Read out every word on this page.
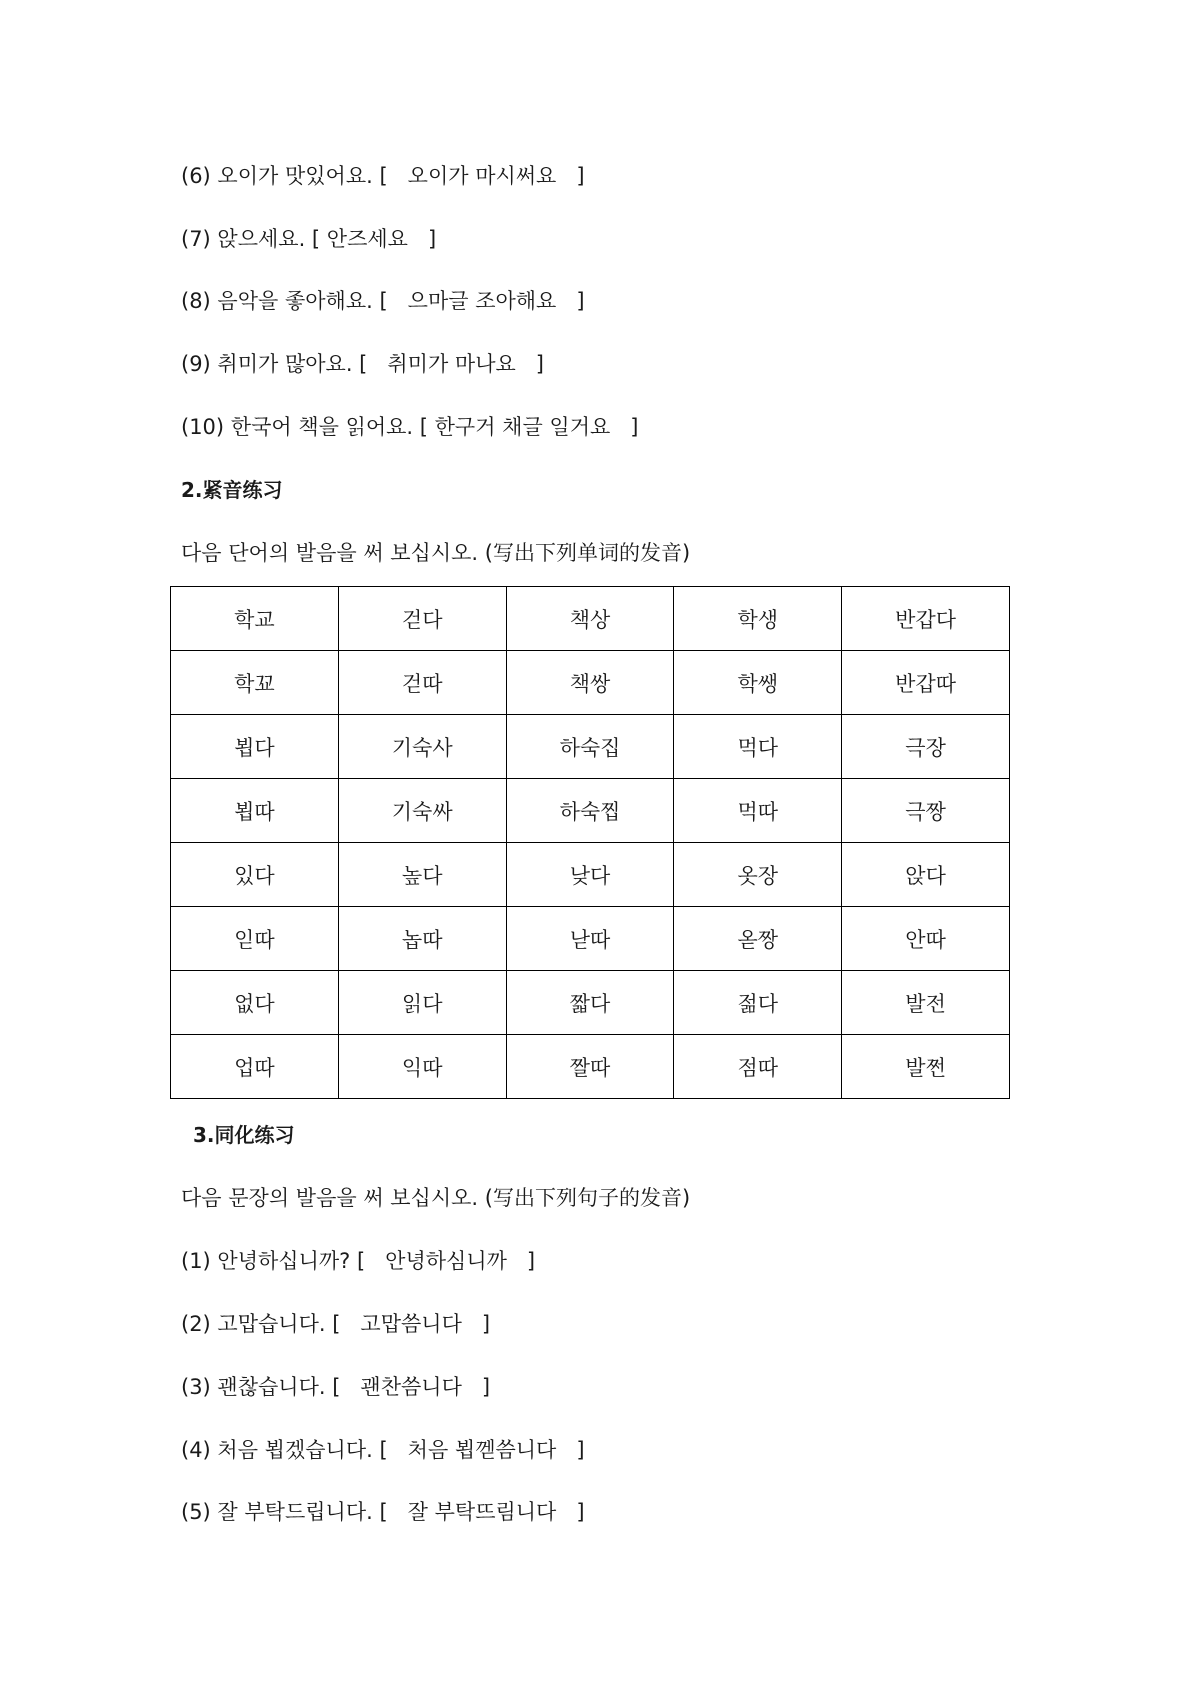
(6) 오이가 맛있어요. [   오이가 마시써요   ]
(7) 앉으세요. [ 안즈세요   ]
(8) 음악을 좋아해요. [   으마글 조아해요   ]
(9) 취미가 많아요. [   취미가 마나요   ]
(10) 한국어 책을 읽어요. [ 한구거 채글 일거요   ]
2.紧音练习
다음 단어의 발음을 써 보십시오. (写出下列单词的发音)
학교	걷다	책상	학생	반갑다
학꾜	걷따	책쌍	학쌩	반갑따
뵙다	기숙사	하숙집	먹다	극장
뵙따	기숙싸	하숙찝	먹따	극짱
있다	높다	낮다	옷장	앉다
읻따	놉따	낟따	옫짱	안따
없다	읽다	짧다	젊다	발전
업따	익따	짤따	점따	발쩐
3.同化练习
다음 문장의 발음을 써 보십시오. (写出下列句子的发音)
(1) 안녕하십니까? [   안녕하심니까   ]
(2) 고맙습니다. [   고맙씀니다   ]
(3) 괜찮습니다. [   괜찬씀니다   ]
(4) 처음 뵙겠습니다. [   처음 뵙껟씀니다   ]
(5) 잘 부탁드립니다. [   잘 부탁뜨림니다   ]
